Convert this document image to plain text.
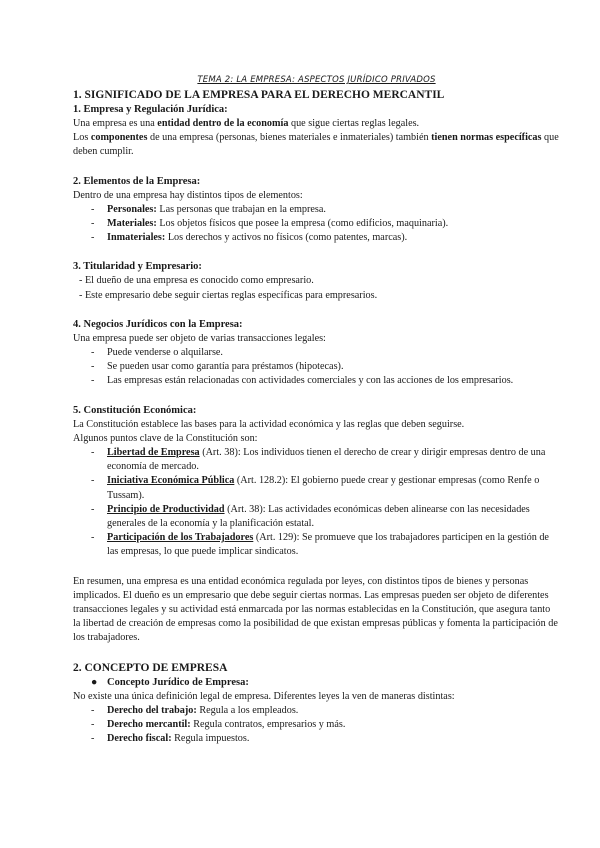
TEMA 2: LA EMPRESA: ASPECTOS JURÍDICO PRIVADOS
1. SIGNIFICADO DE LA EMPRESA PARA EL DERECHO MERCANTIL
1. Empresa y Regulación Jurídica:

Una empresa es una entidad dentro de la economía que sigue ciertas reglas legales.

Los componentes de una empresa (personas, bienes materiales e inmateriales) también tienen normas específicas que deben cumplir.

2. Elementos de la Empresa:

Dentro de una empresa hay distintos tipos de elementos:

- Personales: Las personas que trabajan en la empresa.
- Materiales: Los objetos físicos que posee la empresa (como edificios, maquinaria).
- Inmateriales: Los derechos y activos no físicos (como patentes, marcas).
3. Titularidad y Empresario:

- El dueño de una empresa es conocido como empresario.

- Este empresario debe seguir ciertas reglas específicas para empresarios.

4. Negocios Jurídicos con la Empresa:

Una empresa puede ser objeto de varias transacciones legales:

- Puede venderse o alquilarse.
- Se pueden usar como garantía para préstamos (hipotecas).
- Las empresas están relacionadas con actividades comerciales y con las acciones de los empresarios.
5. Constitución Económica:

La Constitución establece las bases para la actividad económica y las reglas que deben seguirse.

Algunos puntos clave de la Constitución son:

- Libertad de Empresa (Art. 38): Los individuos tienen el derecho de crear y dirigir empresas dentro de una economía de mercado.
- Iniciativa Económica Pública (Art. 128.2): El gobierno puede crear y gestionar empresas (como Renfe o Tussam).
- Principio de Productividad (Art. 38): Las actividades económicas deben alinearse con las necesidades generales de la economía y la planificación estatal.
- Participación de los Trabajadores (Art. 129): Se promueve que los trabajadores participen en la gestión de las empresas, lo que puede implicar sindicatos.

En resumen, una empresa es una entidad económica regulada por leyes, con distintos tipos de bienes y personas implicados. El dueño es un empresario que debe seguir ciertas normas. Las empresas pueden ser objeto de diferentes transacciones legales y su actividad está enmarcada por las normas establecidas en la Constitución, que asegura tanto la libertad de creación de empresas como la posibilidad de que existan empresas públicas y fomenta la participación de los trabajadores.

2. CONCEPTO DE EMPRESA
● Concepto Jurídico de Empresa:

No existe una única definición legal de empresa. Diferentes leyes la ven de maneras distintas:

- Derecho del trabajo: Regula a los empleados.
- Derecho mercantil: Regula contratos, empresarios y más.
- Derecho fiscal: Regula impuestos.
